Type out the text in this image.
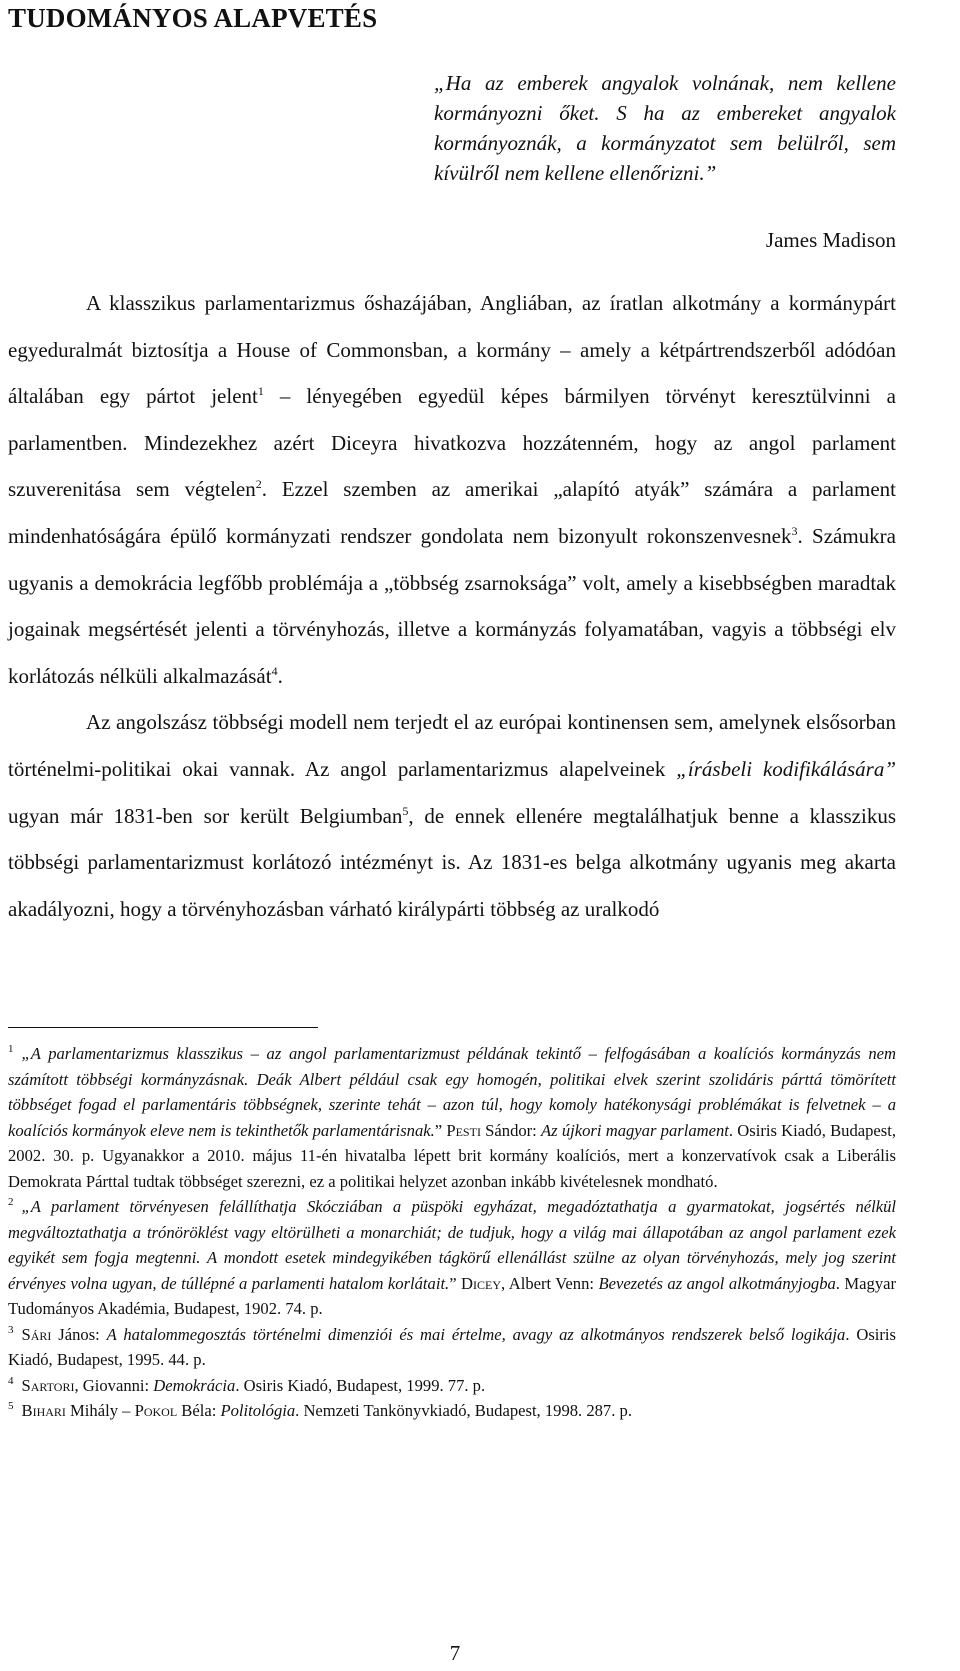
TUDOMÁNYOS ALAPVETÉS
„Ha az emberek angyalok volnának, nem kellene kormányozni őket. S ha az embereket angyalok kormányoznák, a kormányzatot sem belülről, sem kívülről nem kellene ellenőrizni.”
James Madison

A klasszikus parlamentarizmus őshazájában, Angliában, az íratlan alkotmány a kormánypárt egyeduralmát biztosítja a House of Commonsban, a kormány – amely a kétpártrendszerből adódóan általában egy pártot jelent$^1$ – lényegében egyedül képes bármilyen törvényt keresztülvinni a parlamentben. Mindezekhez azért Diceyra hivatkozva hozzátenném, hogy az angol parlament szuverenitása sem végtelen$^2$. Ezzel szemben az amerikai „alapító atyák” számára a parlament mindenhatóságára épülő kormányzati rendszer gondolata nem bizonyult rokonszenvesnek$^3$. Számukra ugyanis a demokrácia legfőbb problémája a „többség zsarnoksága” volt, amely a kisebbségben maradtak jogainak megsértését jelenti a törvényhozás, illetve a kormányzás folyamatában, vagyis a többségi elv korlátozás nélküli alkalmazását$^4$.

Az angolszász többségi modell nem terjedt el az európai kontinensen sem, amelynek elsősorban történelmi-politikai okai vannak. Az angol parlamentarizmus alapelveinek „írásbeli kodifikálására” ugyan már 1831-ben sor került Belgiumban$^5$, de ennek ellenére megtalálhatjuk benne a klasszikus többségi parlamentarizmust korlátozó intézményt is. Az 1831-es belga alkotmány ugyanis meg akarta akadályozni, hogy a törvényhozásban várható királypárti többség az uralkodó

$^1$ „A parlamentarizmus klasszikus – az angol parlamentarizmust példának tekintő – felfogásában a koalíciós kormányzás nem számított többségi kormányzásnak. Deák Albert például csak egy homogén, politikai elvek szerint szolidáris párttá tömörített többséget fogad el parlamentáris többségnek, szerinte tehát – azon túl, hogy komoly hatékonysági problémákat is felvetnek – a koalíciós kormányok eleve nem is tekinthetők parlamentárisnak.” Pesti Sándor: Az újkori magyar parlament. Osiris Kiadó, Budapest, 2002. 30. p. Ugyanakkor a 2010. május 11-én hivatalba lépett brit kormány koalíciós, mert a konzervatívok csak a Liberális Demokrata Párttal tudtak többséget szerezni, ez a politikai helyzet azonban inkább kivételesnek mondható.

$^2$ „A parlament törvényesen felállíthatja Skócziában a püspöki egyházat, megadóztathatja a gyarmatokat, jogsértés nélkül megváltoztathatja a trónöröklést vagy eltörülheti a monarchiát; de tudjuk, hogy a világ mai állapotában az angol parlament ezek egyikét sem fogja megtenni. A mondott esetek mindegyikében tágkörű ellenállást szülne az olyan törvényhozás, mely jog szerint érvényes volna ugyan, de túllépné a parlamenti hatalom korlátait.” Dicey, Albert Venn: Bevezetés az angol alkotmányjogba. Magyar Tudományos Akadémia, Budapest, 1902. 74. p.

$^3$ Sári János: A hatalommegosztás történelmi dimenziói és mai értelme, avagy az alkotmányos rendszerek belső logikája. Osiris Kiadó, Budapest, 1995. 44. p.

$^4$ Sartori, Giovanni: Demokrácia. Osiris Kiadó, Budapest, 1999. 77. p.

$^5$ Bihari Mihály – Pokol Béla: Politológia. Nemzeti Tankönyvkiadó, Budapest, 1998. 287. p.

7
